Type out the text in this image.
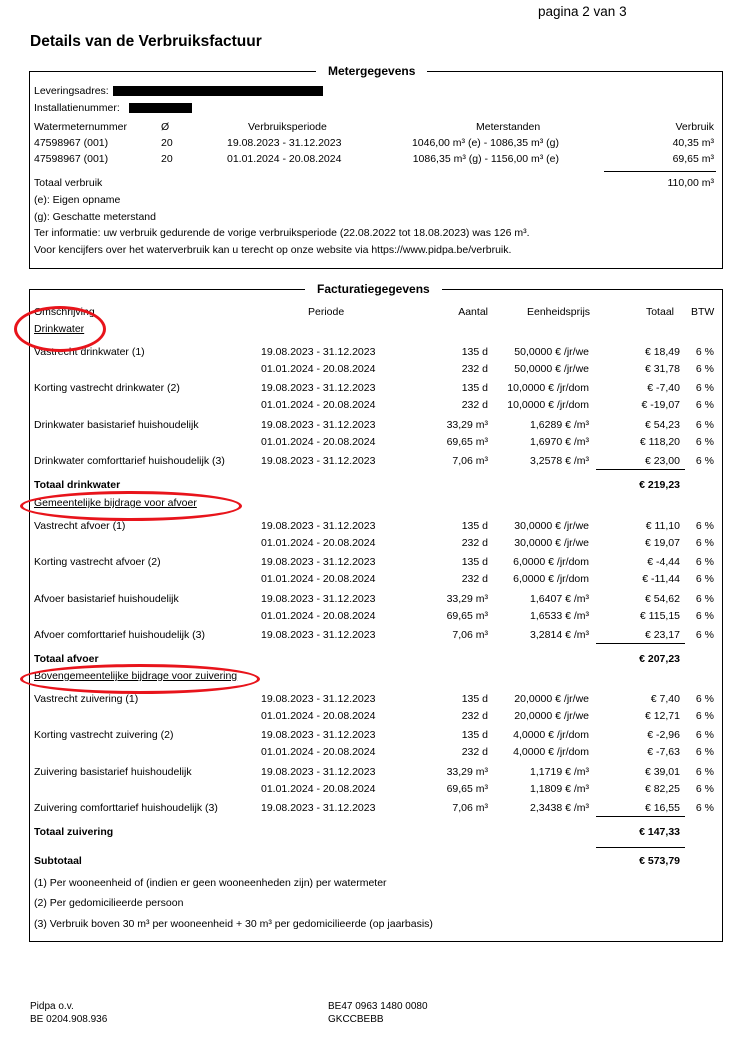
pagina 2 van 3
Details van de Verbruiksfactuur
Metergegevens
Leveringsadres:
Installatienummer:
Watermeternummer	Ø	Verbruiksperiode	Meterstanden	Verbruik
47598967 (001)	20	19.08.2023 - 31.12.2023	1046,00 m³ (e) - 1086,35 m³ (g)	40,35 m³
47598967 (001)	20	01.01.2024 - 20.08.2024	1086,35 m³ (g) - 1156,00 m³ (e)	69,65 m³
Totaal verbruik	110,00 m³
(e): Eigen opname
(g): Geschatte meterstand
Ter informatie: uw verbruik gedurende de vorige verbruiksperiode (22.08.2022 tot 18.08.2023) was 126 m³.
Voor kencijfers over het waterverbruik kan u terecht op onze website via https://www.pidpa.be/verbruik.
Facturatiegegevens
Omschrijving	Periode	Aantal	Eenheidsprijs	Totaal BTW
Drinkwater
Vastrecht drinkwater (1)	19.08.2023 - 31.12.2023	135 d	50,0000 € /jr/we	€ 18,49 6 %
01.01.2024 - 20.08.2024	232 d	50,0000 € /jr/we	€ 31,78 6 %
Korting vastrecht drinkwater (2)	19.08.2023 - 31.12.2023	135 d 10,0000 € /jr/dom	€ -7,40 6 %
01.01.2024 - 20.08.2024	232 d 10,0000 € /jr/dom	€ -19,07 6 %
Drinkwater basistarief huishoudelijk	19.08.2023 - 31.12.2023	33,29 m³	1,6289 € /m³	€ 54,23 6 %
01.01.2024 - 20.08.2024	69,65 m³	1,6970 € /m³	€ 118,20 6 %
Drinkwater comforttarief huishoudelijk (3)	19.08.2023 - 31.12.2023	7,06 m³	3,2578 € /m³	€ 23,00 6 %
Totaal drinkwater	€ 219,23
Gemeentelijke bijdrage voor afvoer
Vastrecht afvoer (1)	19.08.2023 - 31.12.2023	135 d	30,0000 € /jr/we	€ 11,10 6 %
01.01.2024 - 20.08.2024	232 d	30,0000 € /jr/we	€ 19,07 6 %
Korting vastrecht afvoer (2)	19.08.2023 - 31.12.2023	135 d 6,0000 € /jr/dom	€ -4,44 6 %
01.01.2024 - 20.08.2024	232 d 6,0000 € /jr/dom	€ -11,44 6 %
Afvoer basistarief huishoudelijk	19.08.2023 - 31.12.2023	33,29 m³	1,6407 € /m³	€ 54,62 6 %
01.01.2024 - 20.08.2024	69,65 m³	1,6533 € /m³	€ 115,15 6 %
Afvoer comforttarief huishoudelijk (3)	19.08.2023 - 31.12.2023	7,06 m³	3,2814 € /m³	€ 23,17 6 %
Totaal afvoer	€ 207,23
Bovengemeentelijke bijdrage voor zuivering
Vastrecht zuivering (1)	19.08.2023 - 31.12.2023	135 d	20,0000 € /jr/we	€ 7,40 6 %
01.01.2024 - 20.08.2024	232 d	20,0000 € /jr/we	€ 12,71 6 %
Korting vastrecht zuivering (2)	19.08.2023 - 31.12.2023	135 d 4,0000 € /jr/dom	€ -2,96 6 %
01.01.2024 - 20.08.2024	232 d 4,0000 € /jr/dom	€ -7,63 6 %
Zuivering basistarief huishoudelijk	19.08.2023 - 31.12.2023	33,29 m³	1,1719 € /m³	€ 39,01 6 %
01.01.2024 - 20.08.2024	69,65 m³	1,1809 € /m³	€ 82,25 6 %
Zuivering comforttarief huishoudelijk (3)	19.08.2023 - 31.12.2023	7,06 m³	2,3438 € /m³	€ 16,55 6 %
Totaal zuivering	€ 147,33
Subtotaal	€ 573,79
(1) Per wooneenheid of (indien er geen wooneenheden zijn) per watermeter
(2) Per gedomicilieerde persoon
(3) Verbruik boven 30 m³ per wooneenheid + 30 m³ per gedomicilieerde (op jaarbasis)
Pidpa o.v.
BE 0204.908.936
BE47 0963 1480 0080
GKCCBEBB
